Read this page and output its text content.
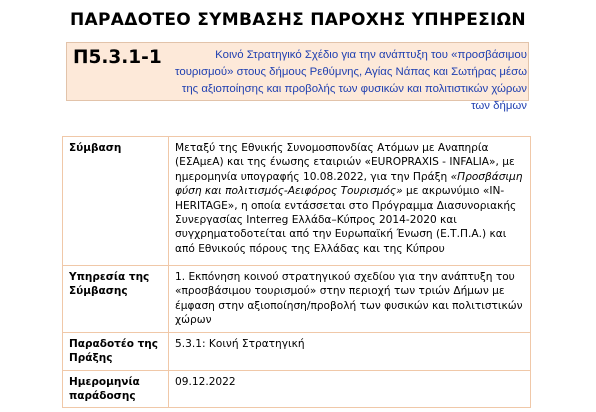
ΠΑΡΑΔΟΤΕΟ ΣΥΜΒΑΣΗΣ ΠΑΡΟΧΗΣ ΥΠΗΡΕΣΙΩΝ
Π5.3.1-1	Κοινό Στρατηγικό Σχέδιο για την ανάπτυξη του «προσβάσιμου τουρισμού» στους δήμους Ρεθύμνης, Αγίας Νάπας και Σωτήρας μέσω της αξιοποίησης και προβολής των φυσικών και πολιτιστικών χώρων των δήμων
Σύμβαση	Μεταξύ της Εθνικής Συνομοσπονδίας Ατόμων με Αναπηρία (ΕΣΑμεΑ) και της ένωσης εταιριών «EUROPRAXIS - INFALIA», με ημερομηνία υπογραφής 10.08.2022, για την Πράξη «Προσβάσιμη φύση και πολιτισμός-Αειφόρος Τουρισμός» με ακρωνύμιο «IN-HERITAGE», η οποία εντάσσεται στο Πρόγραμμα Διασυνοριακής Συνεργασίας Interreg Ελλάδα–Κύπρος 2014-2020 και συγχρηματοδοτείται από την Ευρωπαϊκή Ένωση (Ε.Τ.Π.Α.) και από Εθνικούς πόρους της Ελλάδας και της Κύπρου
Υπηρεσία της Σύμβασης	1. Εκπόνηση κοινού στρατηγικού σχεδίου για την ανάπτυξη του «προσβάσιμου τουρισμού» στην περιοχή των τριών Δήμων με έμφαση στην αξιοποίηση/προβολή των φυσικών και πολιτιστικών χώρων
Παραδοτέο της Πράξης	5.3.1: Κοινή Στρατηγική
Ημερομηνία παράδοσης	09.12.2022
